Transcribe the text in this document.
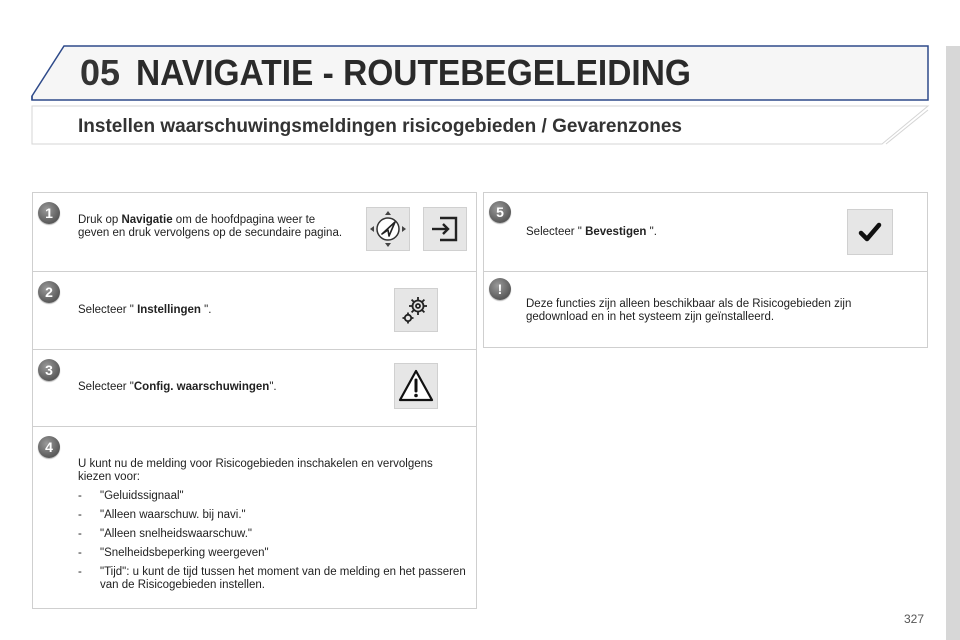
05 NAVIGATIE - ROUTEBEGELEIDING
Instellen waarschuwingsmeldingen risicogebieden / Gevarenzones
1	Druk op Navigatie om de hoofdpagina weer te geven en druk vervolgens op de secundaire pagina.
2
Selecteer " Instellingen ".
3
Selecteer "Config. waarschuwingen".
4
U kunt nu de melding voor Risicogebieden inschakelen en vervolgens kiezen voor:
- "Geluidssignaal"
- "Alleen waarschuw. bij navi."
- "Alleen snelheidswaarschuw."
- "Snelheidsbeperking weergeven"
- "Tijd": u kunt de tijd tussen het moment van de melding en het passeren van de Risicogebieden instellen.
5
Selecteer " Bevestigen ".
!
Deze functies zijn alleen beschikbaar als de Risicogebieden zijn gedownload en in het systeem zijn geïnstalleerd.
327
